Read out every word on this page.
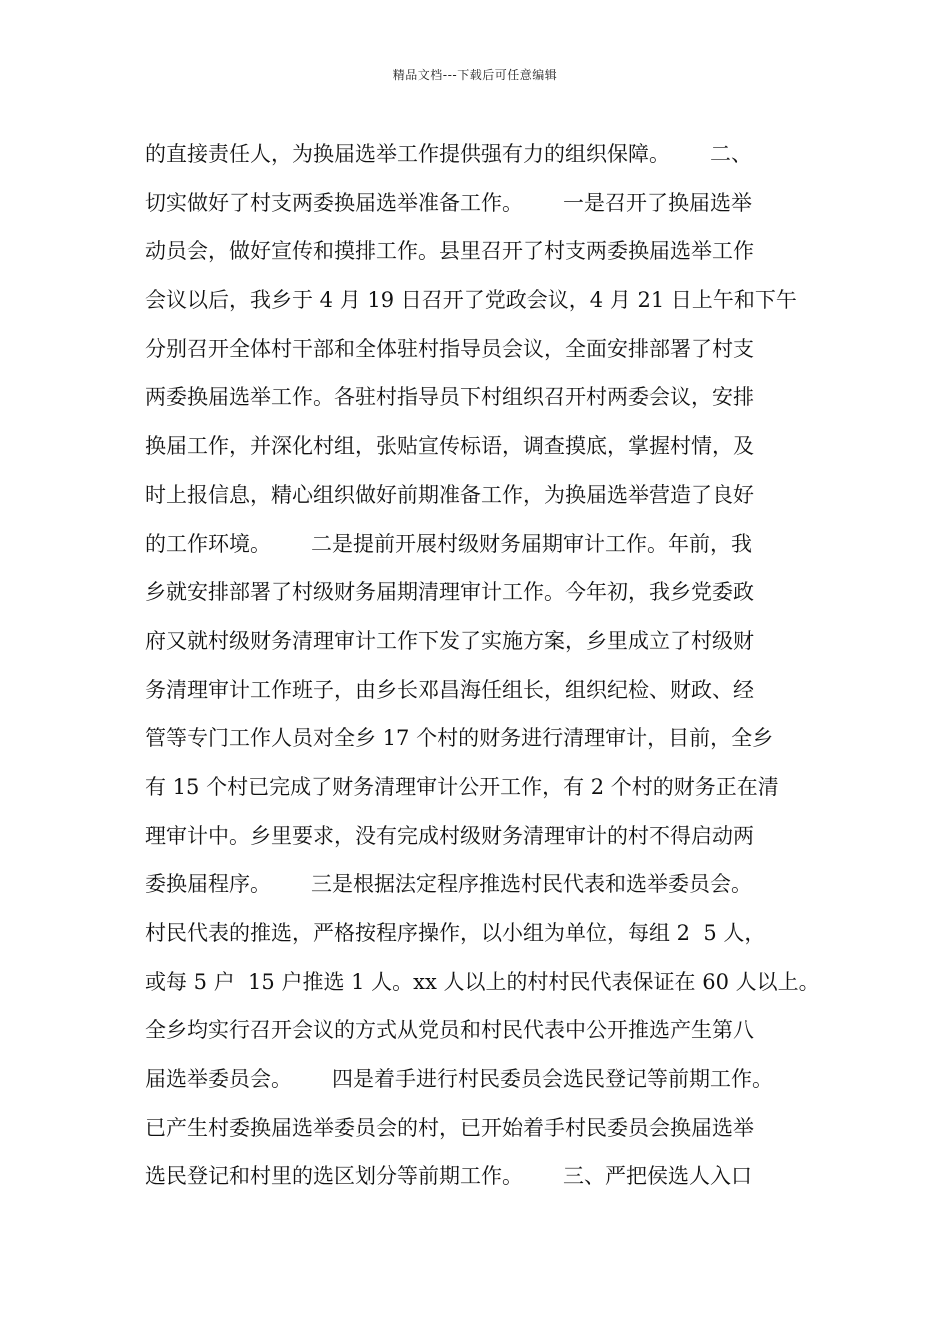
精品文档---下载后可任意编辑
的直接责任人，为换届选举工作提供强有力的组织保障。      二、
切实做好了村支两委换届选举准备工作。      一是召开了换届选举
动员会，做好宣传和摸排工作。县里召开了村支两委换届选举工作
会议以后，我乡于 4 月 19 日召开了党政会议，4 月 21 日上午和下午
分别召开全体村干部和全体驻村指导员会议，全面安排部署了村支
两委换届选举工作。各驻村指导员下村组织召开村两委会议，安排
换届工作，并深化村组，张贴宣传标语，调查摸底，掌握村情，及
时上报信息，精心组织做好前期准备工作，为换届选举营造了良好
的工作环境。      二是提前开展村级财务届期审计工作。年前，我
乡就安排部署了村级财务届期清理审计工作。今年初，我乡党委政
府又就村级财务清理审计工作下发了实施方案，乡里成立了村级财
务清理审计工作班子，由乡长邓昌海任组长，组织纪检、财政、经
管等专门工作人员对全乡 17 个村的财务进行清理审计，目前，全乡
有 15 个村已完成了财务清理审计公开工作，有 2 个村的财务正在清
理审计中。乡里要求，没有完成村级财务清理审计的村不得启动两
委换届程序。      三是根据法定程序推选村民代表和选举委员会。
村民代表的推选，严格按程序操作，以小组为单位，每组 2  5 人，
或每 5 户  15 户推选 1 人。xx 人以上的村村民代表保证在 60 人以上。
全乡均实行召开会议的方式从党员和村民代表中公开推选产生第八
届选举委员会。      四是着手进行村民委员会选民登记等前期工作。
已产生村委换届选举委员会的村，已开始着手村民委员会换届选举
选民登记和村里的选区划分等前期工作。      三、严把侯选人入口
